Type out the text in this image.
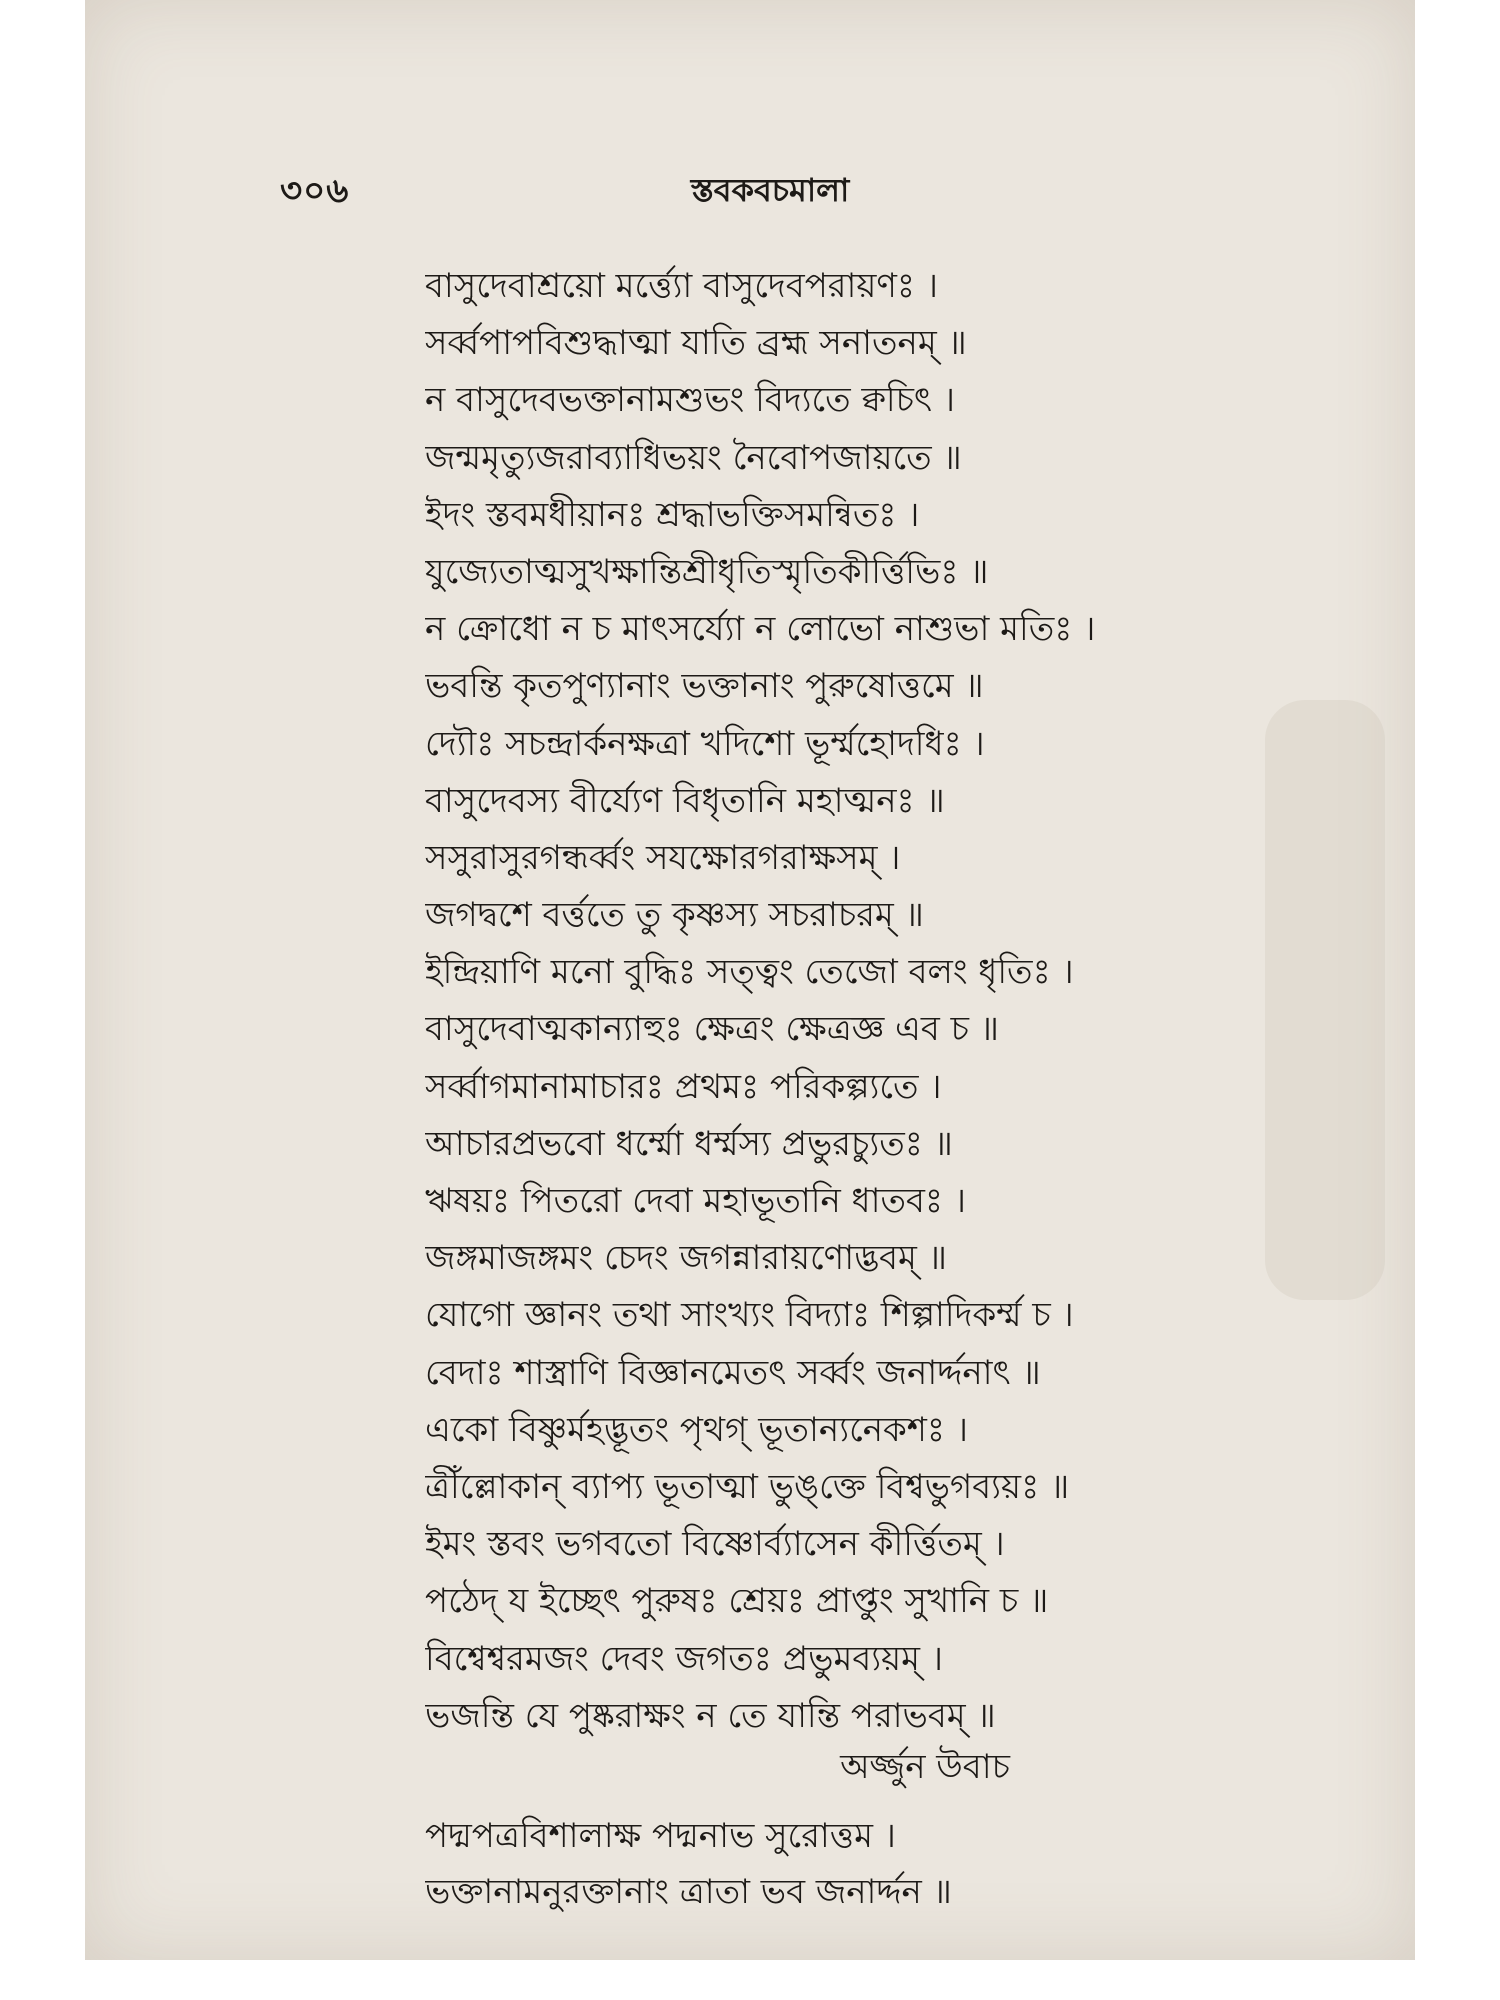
৩০৬	স্তবকবচমালা
বাসুদেবাশ্রয়ো মর্ত্ত্যো বাসুদেবপরায়ণঃ ।
সর্ব্বপাপবিশুদ্ধাত্মা যাতি ব্রহ্ম সনাতনম্ ॥
ন বাসুদেবভক্তানামশুভং বিদ্যতে ক্বচিৎ ।
জন্মমৃত্যুজরাব্যাধিভয়ং নৈবোপজায়তে ॥
ইদং স্তবমধীয়ানঃ শ্রদ্ধাভক্তিসমন্বিতঃ ।
যুজ্যেতাত্মসুখক্ষান্তিশ্রীধৃতিস্মৃতিকীর্ত্তিভিঃ ॥
ন ক্রোধো ন চ মাৎসর্য্যো ন লোভো নাশুভা মতিঃ ।
ভবন্তি কৃতপুণ্যানাং ভক্তানাং পুরুষোত্তমে ॥
দ্যৌঃ সচন্দ্রার্কনক্ষত্রা খদিশো ভূর্ম্মহোদধিঃ ।
বাসুদেবস্য বীর্য্যেণ বিধৃতানি মহাত্মনঃ ॥
সসুরাসুরগন্ধর্ব্বং সযক্ষোরগরাক্ষসম্ ।
জগদ্বশে বর্ত্ততে তু কৃষ্ণস্য সচরাচরম্ ॥
ইন্দ্রিয়াণি মনো বুদ্ধিঃ সত্ত্বং তেজো বলং ধৃতিঃ ।
বাসুদেবাত্মকান্যাহুঃ ক্ষেত্রং ক্ষেত্রজ্ঞ এব চ ॥
সর্ব্বাগমানামাচারঃ প্রথমঃ পরিকল্প্যতে ।
আচারপ্রভবো ধর্ম্মো ধর্ম্মস্য প্রভুরচ্যুতঃ ॥
ঋষয়ঃ পিতরো দেবা মহাভূতানি ধাতবঃ ।
জঙ্গমাজঙ্গমং চেদং জগন্নারায়ণোদ্ভবম্ ॥
যোগো জ্ঞানং তথা সাংখ্যং বিদ্যাঃ শিল্পাদিকর্ম্ম চ ।
বেদাঃ শাস্ত্রাণি বিজ্ঞানমেতৎ সর্ব্বং জনার্দ্দনাৎ ॥
একো বিষ্ণুর্মহদ্ভূতং পৃথগ্ ভূতান্যনেকশঃ ।
ত্রীঁল্লোকান্ ব্যাপ্য ভূতাত্মা ভুঙ্‌ক্তে বিশ্বভুগব্যয়ঃ ॥
ইমং স্তবং ভগবতো বিষ্ণোর্ব্যাসেন কীর্ত্তিতম্ ।
পঠেদ্ য ইচ্ছেৎ পুরুষঃ শ্রেয়ঃ প্রাপ্তুং সুখানি চ ॥
বিশ্বেশ্বরমজং দেবং জগতঃ প্রভুমব্যয়ম্ ।
ভজন্তি যে পুষ্করাক্ষং ন তে যান্তি পরাভবম্ ॥
অর্জ্জুন উবাচ
পদ্মপত্রবিশালাক্ষ পদ্মনাভ সুরোত্তম ।
ভক্তানামনুরক্তানাং ত্রাতা ভব জনার্দ্দন ॥
